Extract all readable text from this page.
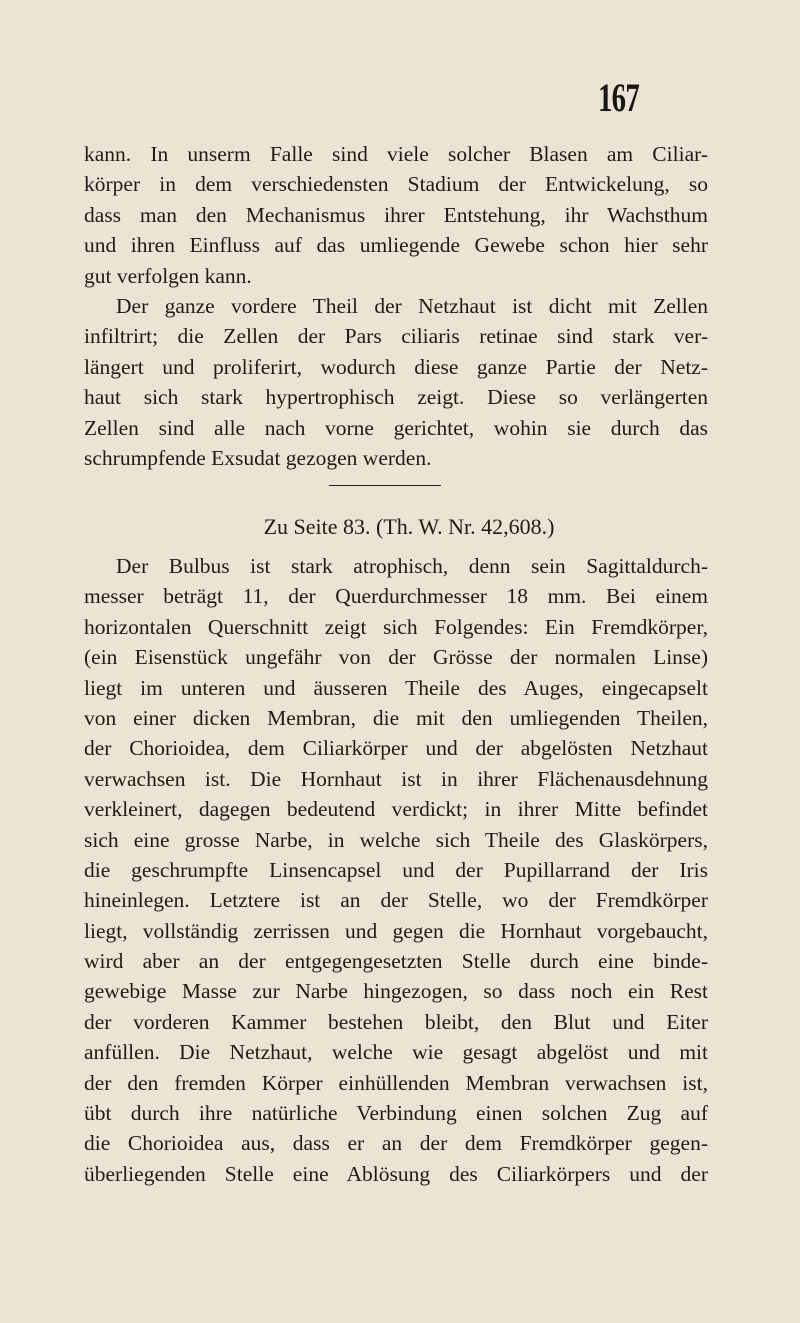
167
kann. In unserm Falle sind viele solcher Blasen am Ciliar-
körper in dem verschiedensten Stadium der Entwickelung, so
dass man den Mechanismus ihrer Entstehung, ihr Wachsthum
und ihren Einfluss auf das umliegende Gewebe schon hier sehr
gut verfolgen kann.
Der ganze vordere Theil der Netzhaut ist dicht mit Zellen
infiltrirt; die Zellen der Pars ciliaris retinae sind stark ver-
längert und proliferirt, wodurch diese ganze Partie der Netz-
haut sich stark hypertrophisch zeigt. Diese so verlängerten
Zellen sind alle nach vorne gerichtet, wohin sie durch das
schrumpfende Exsudat gezogen werden.
Zu Seite 83. (Th. W. Nr. 42,608.)
Der Bulbus ist stark atrophisch, denn sein Sagittaldurch-
messer beträgt 11, der Querdurchmesser 18 mm. Bei einem
horizontalen Querschnitt zeigt sich Folgendes: Ein Fremdkörper,
(ein Eisenstück ungefähr von der Grösse der normalen Linse)
liegt im unteren und äusseren Theile des Auges, eingecapselt
von einer dicken Membran, die mit den umliegenden Theilen,
der Chorioidea, dem Ciliarkörper und der abgelösten Netzhaut
verwachsen ist. Die Hornhaut ist in ihrer Flächenausdehnung
verkleinert, dagegen bedeutend verdickt; in ihrer Mitte befindet
sich eine grosse Narbe, in welche sich Theile des Glaskörpers,
die geschrumpfte Linsencapsel und der Pupillarrand der Iris
hineinlegen. Letztere ist an der Stelle, wo der Fremdkörper
liegt, vollständig zerrissen und gegen die Hornhaut vorgebaucht,
wird aber an der entgegengesetzten Stelle durch eine binde-
gewebige Masse zur Narbe hingezogen, so dass noch ein Rest
der vorderen Kammer bestehen bleibt, den Blut und Eiter
anfüllen. Die Netzhaut, welche wie gesagt abgelöst und mit
der den fremden Körper einhüllenden Membran verwachsen ist,
übt durch ihre natürliche Verbindung einen solchen Zug auf
die Chorioidea aus, dass er an der dem Fremdkörper gegen-
überliegenden Stelle eine Ablösung des Ciliarkörpers und der
